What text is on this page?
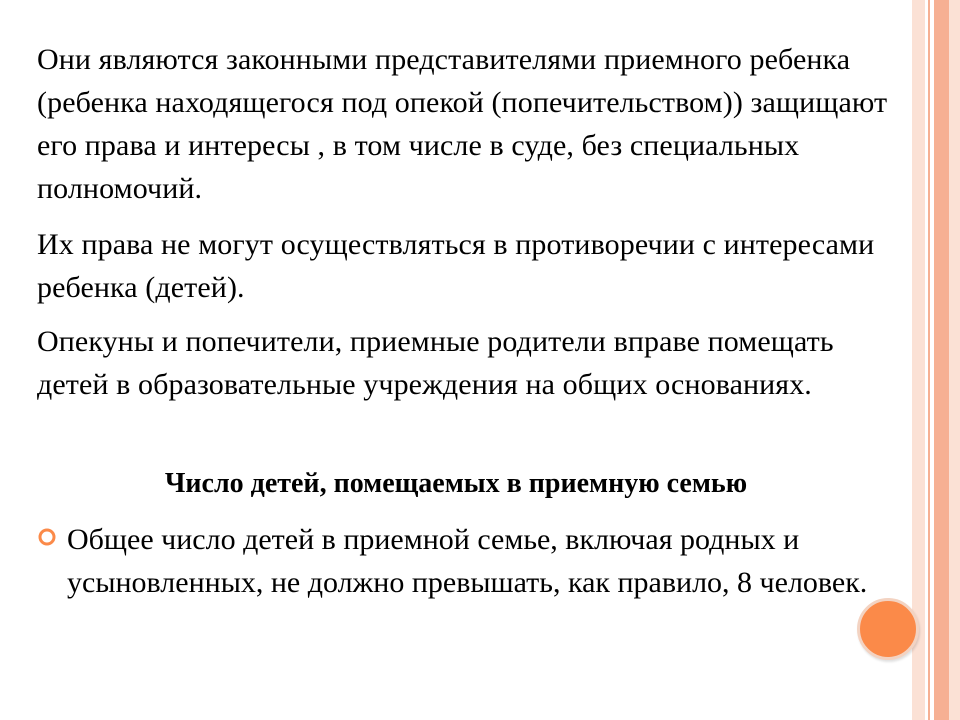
Они являются законными представителями приемного ребенка (ребенка находящегося под опекой (попечительством)) защищают его права и интересы , в том числе в суде, без специальных полномочий.
Их права не могут осуществляться в противоречии с интересами ребенка (детей).
Опекуны и попечители, приемные родители вправе помещать детей в образовательные учреждения на общих основаниях.
Число детей, помещаемых в приемную семью
Общее число детей в приемной семье, включая родных и усыновленных, не должно превышать, как правило, 8 человек.
